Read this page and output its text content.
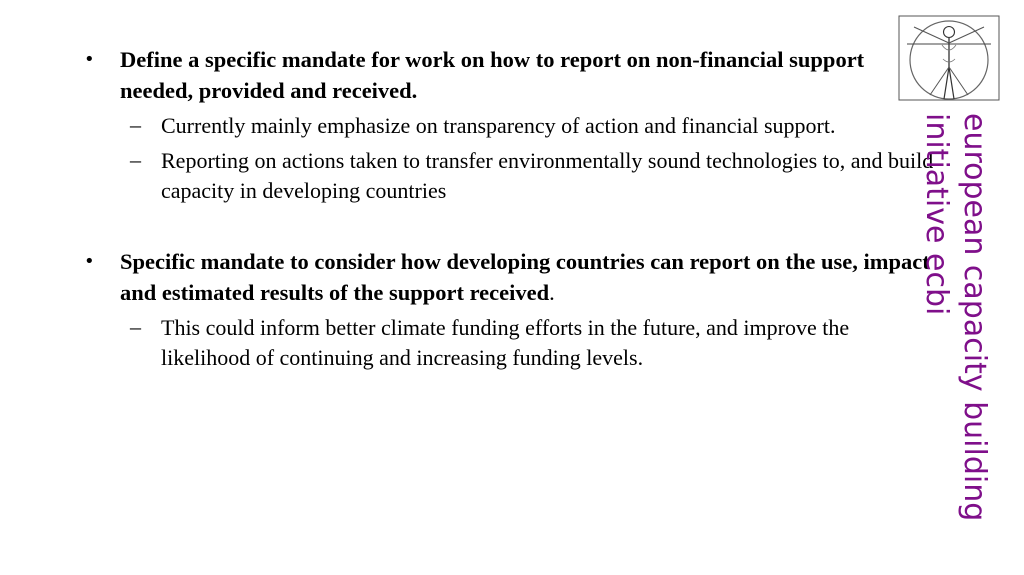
• Define a specific mandate for work on how to report on non-financial support needed, provided and received.
– Currently mainly emphasize on transparency of action and financial support.
– Reporting on actions taken to transfer environmentally sound technologies to, and build capacity in developing countries
• Specific mandate to consider how developing countries can report on the use, impact and estimated results of the support received.
– This could inform better climate funding efforts in the future, and improve the likelihood of continuing and increasing funding levels.	european capacity building
initiative ecbi
